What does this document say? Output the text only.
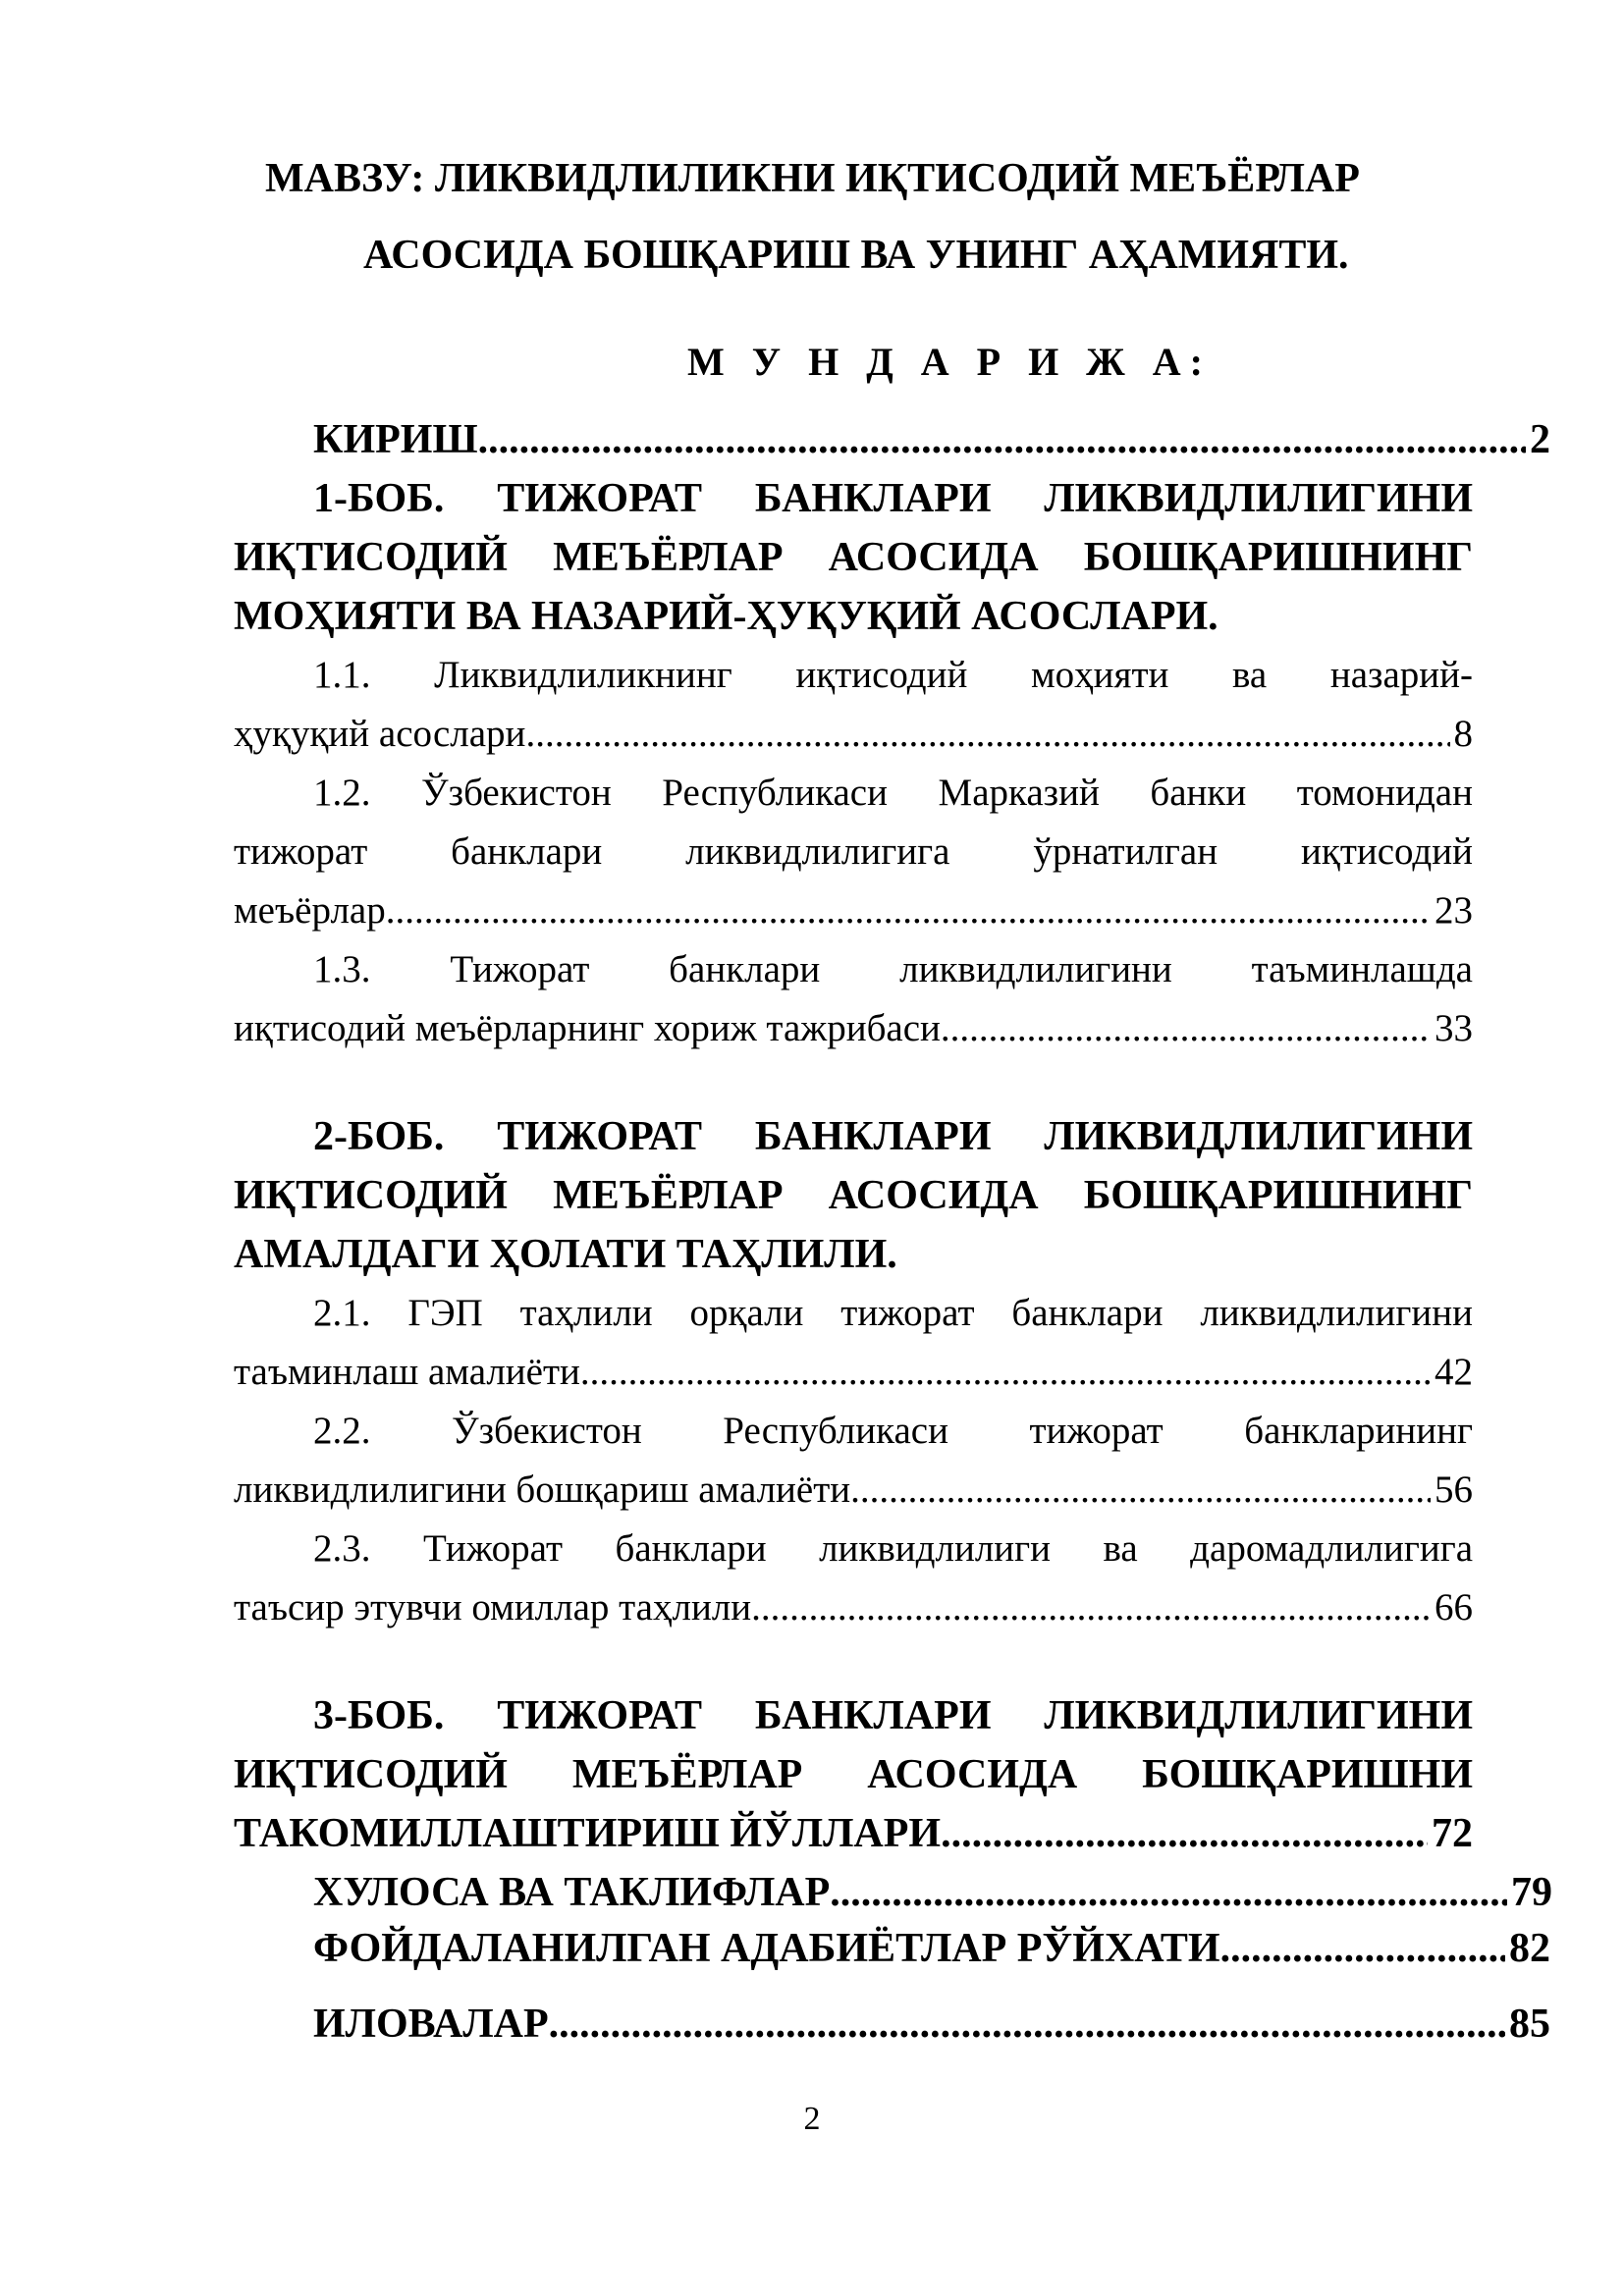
МАВЗУ: ЛИКВИДЛИЛИКНИ ИҚТИСОДИЙ МЕЪЁРЛАР
АСОСИДА БОШҚАРИШ ВА УНИНГ АҲАМИЯТИ.
М У Н Д А Р И Ж А:
КИРИШ .....	2
1-БОБ. ТИЖОРАТ БАНКЛАРИ ЛИКВИДЛИЛИГИНИ
ИҚТИСОДИЙ МЕЪЁРЛАР АСОСИДА БОШҚАРИШНИНГ
МОҲИЯТИ ВА НАЗАРИЙ-ҲУҚУҚИЙ АСОСЛАРИ.
1.1. Ликвидлиликнинг иқтисодий моҳияти ва назарий-
ҳуқуқий асослари .....	8
1.2. Ўзбекистон Республикаси Марказий банки томонидан
тижорат банклари ликвидлилигига ўрнатилган иқтисодий
меъёрлар .....	23
1.3. Тижорат банклари ликвидлилигини таъминлашда
иқтисодий меъёрларнинг хориж тажрибаси .....	33
2-БОБ. ТИЖОРАТ БАНКЛАРИ ЛИКВИДЛИЛИГИНИ
ИҚТИСОДИЙ МЕЪЁРЛАР АСОСИДА БОШҚАРИШНИНГ
АМАЛДАГИ ҲОЛАТИ ТАҲЛИЛИ.
2.1. ГЭП таҳлили орқали тижорат банклари ликвидлилигини
таъминлаш амалиёти .....	42
2.2. Ўзбекистон Республикаси тижорат банкларининг
ликвидлилигини бошқариш амалиёти .....	56
2.3. Тижорат банклари ликвидлилиги ва даромадлилигига
таъсир этувчи омиллар таҳлили .....	66
3-БОБ. ТИЖОРАТ БАНКЛАРИ ЛИКВИДЛИЛИГИНИ
ИҚТИСОДИЙ МЕЪЁРЛАР АСОСИДА БОШҚАРИШНИ
ТАКОМИЛЛАШТИРИШ ЙЎЛЛАРИ .....	72
ХУЛОСА ВА ТАКЛИФЛАР .....	79
ФОЙДАЛАНИЛГАН АДАБИЁТЛАР РЎЙХАТИ .....	82
ИЛОВАЛАР .....	85
2
